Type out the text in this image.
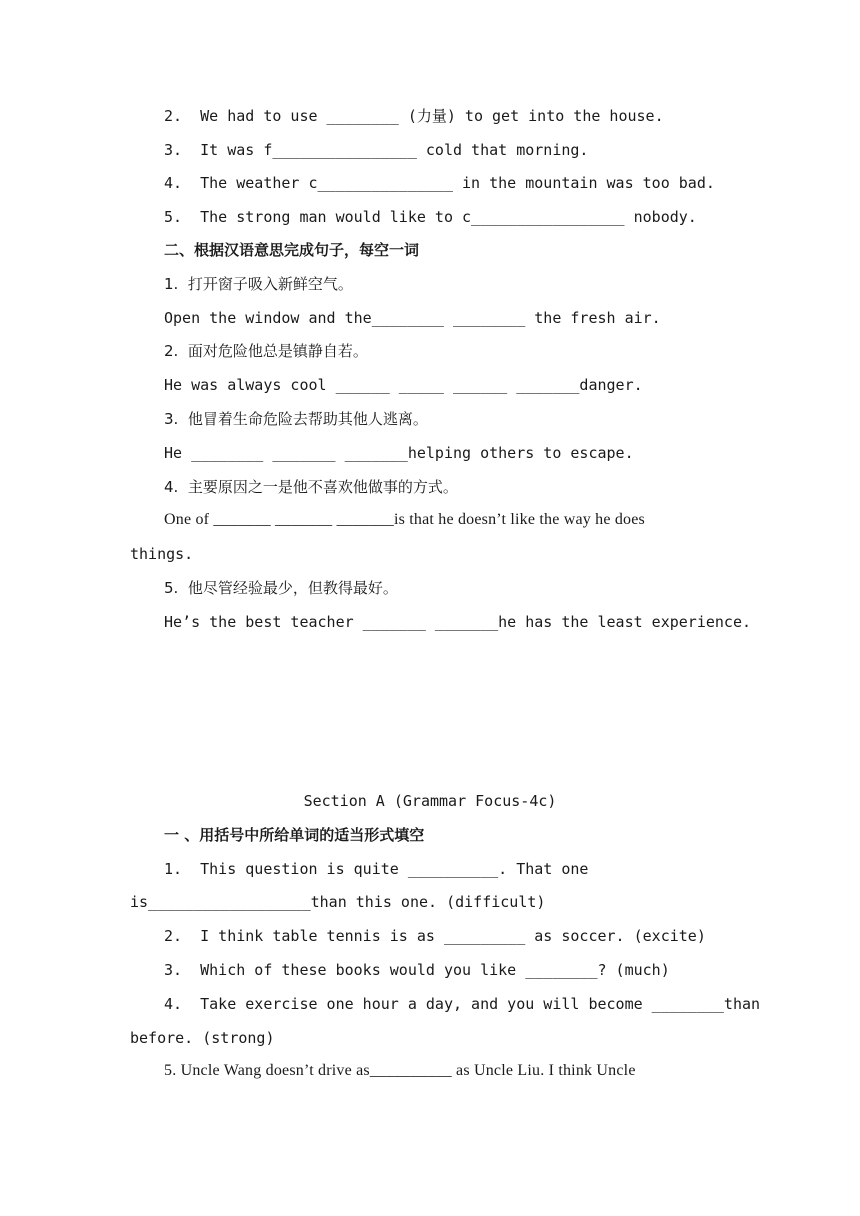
2.  We had to use ________ (力量) to get into the house.
3.  It was f________________ cold that morning.
4.  The weather c_______________ in the mountain was too bad.
5.  The strong man would like to c_________________ nobody.
二、根据汉语意思完成句子，每空一词
1.  打开窗子吸入新鲜空气。
Open the window and the________ ________ the fresh air.
2.  面对危险他总是镇静自若。
He was always cool ______ _____ ______ _______danger.
3.  他冒着生命危险去帮助其他人逃离。
He ________ _______ _______helping others to escape.
4.  主要原因之一是他不喜欢他做事的方式。
One of _______ _______ _______is that he doesn’t like the way he does
things.
5.  他尽管经验最少，但教得最好。
He’s the best teacher _______ _______he has the least experience.
Section A (Grammar Focus-4c)
一 、用括号中所给单词的适当形式填空
1.  This question is quite __________. That one
is__________________than this one. (difficult)
2.  I think table tennis is as _________ as soccer. (excite)
3.  Which of these books would you like ________? (much)
4.  Take exercise one hour a day, and you will become ________than
before. (strong)
5. Uncle Wang doesn’t drive as__________ as Uncle Liu. I think Uncle
